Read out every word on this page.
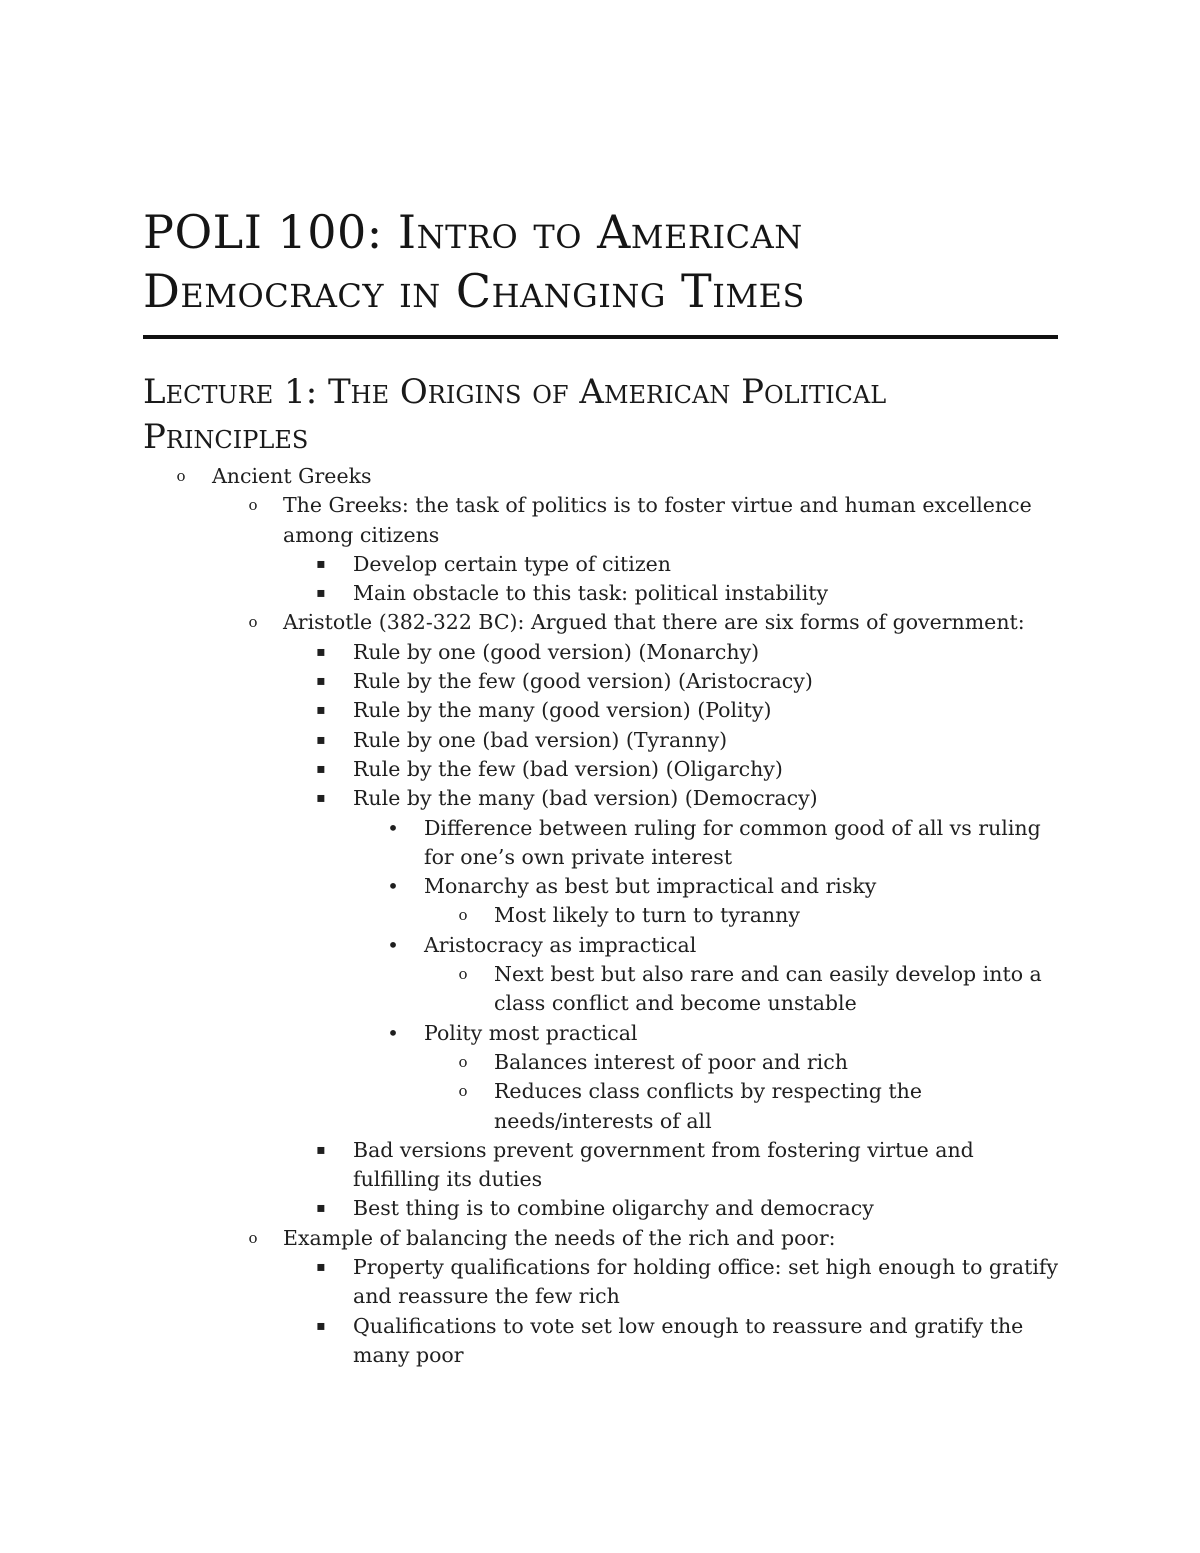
POLI 100: Intro to American
Democracy in Changing Times
Lecture 1: The Origins of American Political
Principles
o Ancient Greeks
o The Greeks: the task of politics is to foster virtue and human excellence among citizens
▪ Develop certain type of citizen
▪ Main obstacle to this task: political instability
o Aristotle (382-322 BC): Argued that there are six forms of government:
▪ Rule by one (good version) (Monarchy)
▪ Rule by the few (good version) (Aristocracy)
▪ Rule by the many (good version) (Polity)
▪ Rule by one (bad version) (Tyranny)
▪ Rule by the few (bad version) (Oligarchy)
▪ Rule by the many (bad version) (Democracy)
• Difference between ruling for common good of all vs ruling for one’s own private interest
• Monarchy as best but impractical and risky
o Most likely to turn to tyranny
• Aristocracy as impractical
o Next best but also rare and can easily develop into a class conflict and become unstable
• Polity most practical
o Balances interest of poor and rich
o Reduces class conflicts by respecting the needs/interests of all
▪ Bad versions prevent government from fostering virtue and fulfilling its duties
▪ Best thing is to combine oligarchy and democracy
o Example of balancing the needs of the rich and poor:
▪ Property qualifications for holding office: set high enough to gratify and reassure the few rich
▪ Qualifications to vote set low enough to reassure and gratify the many poor
